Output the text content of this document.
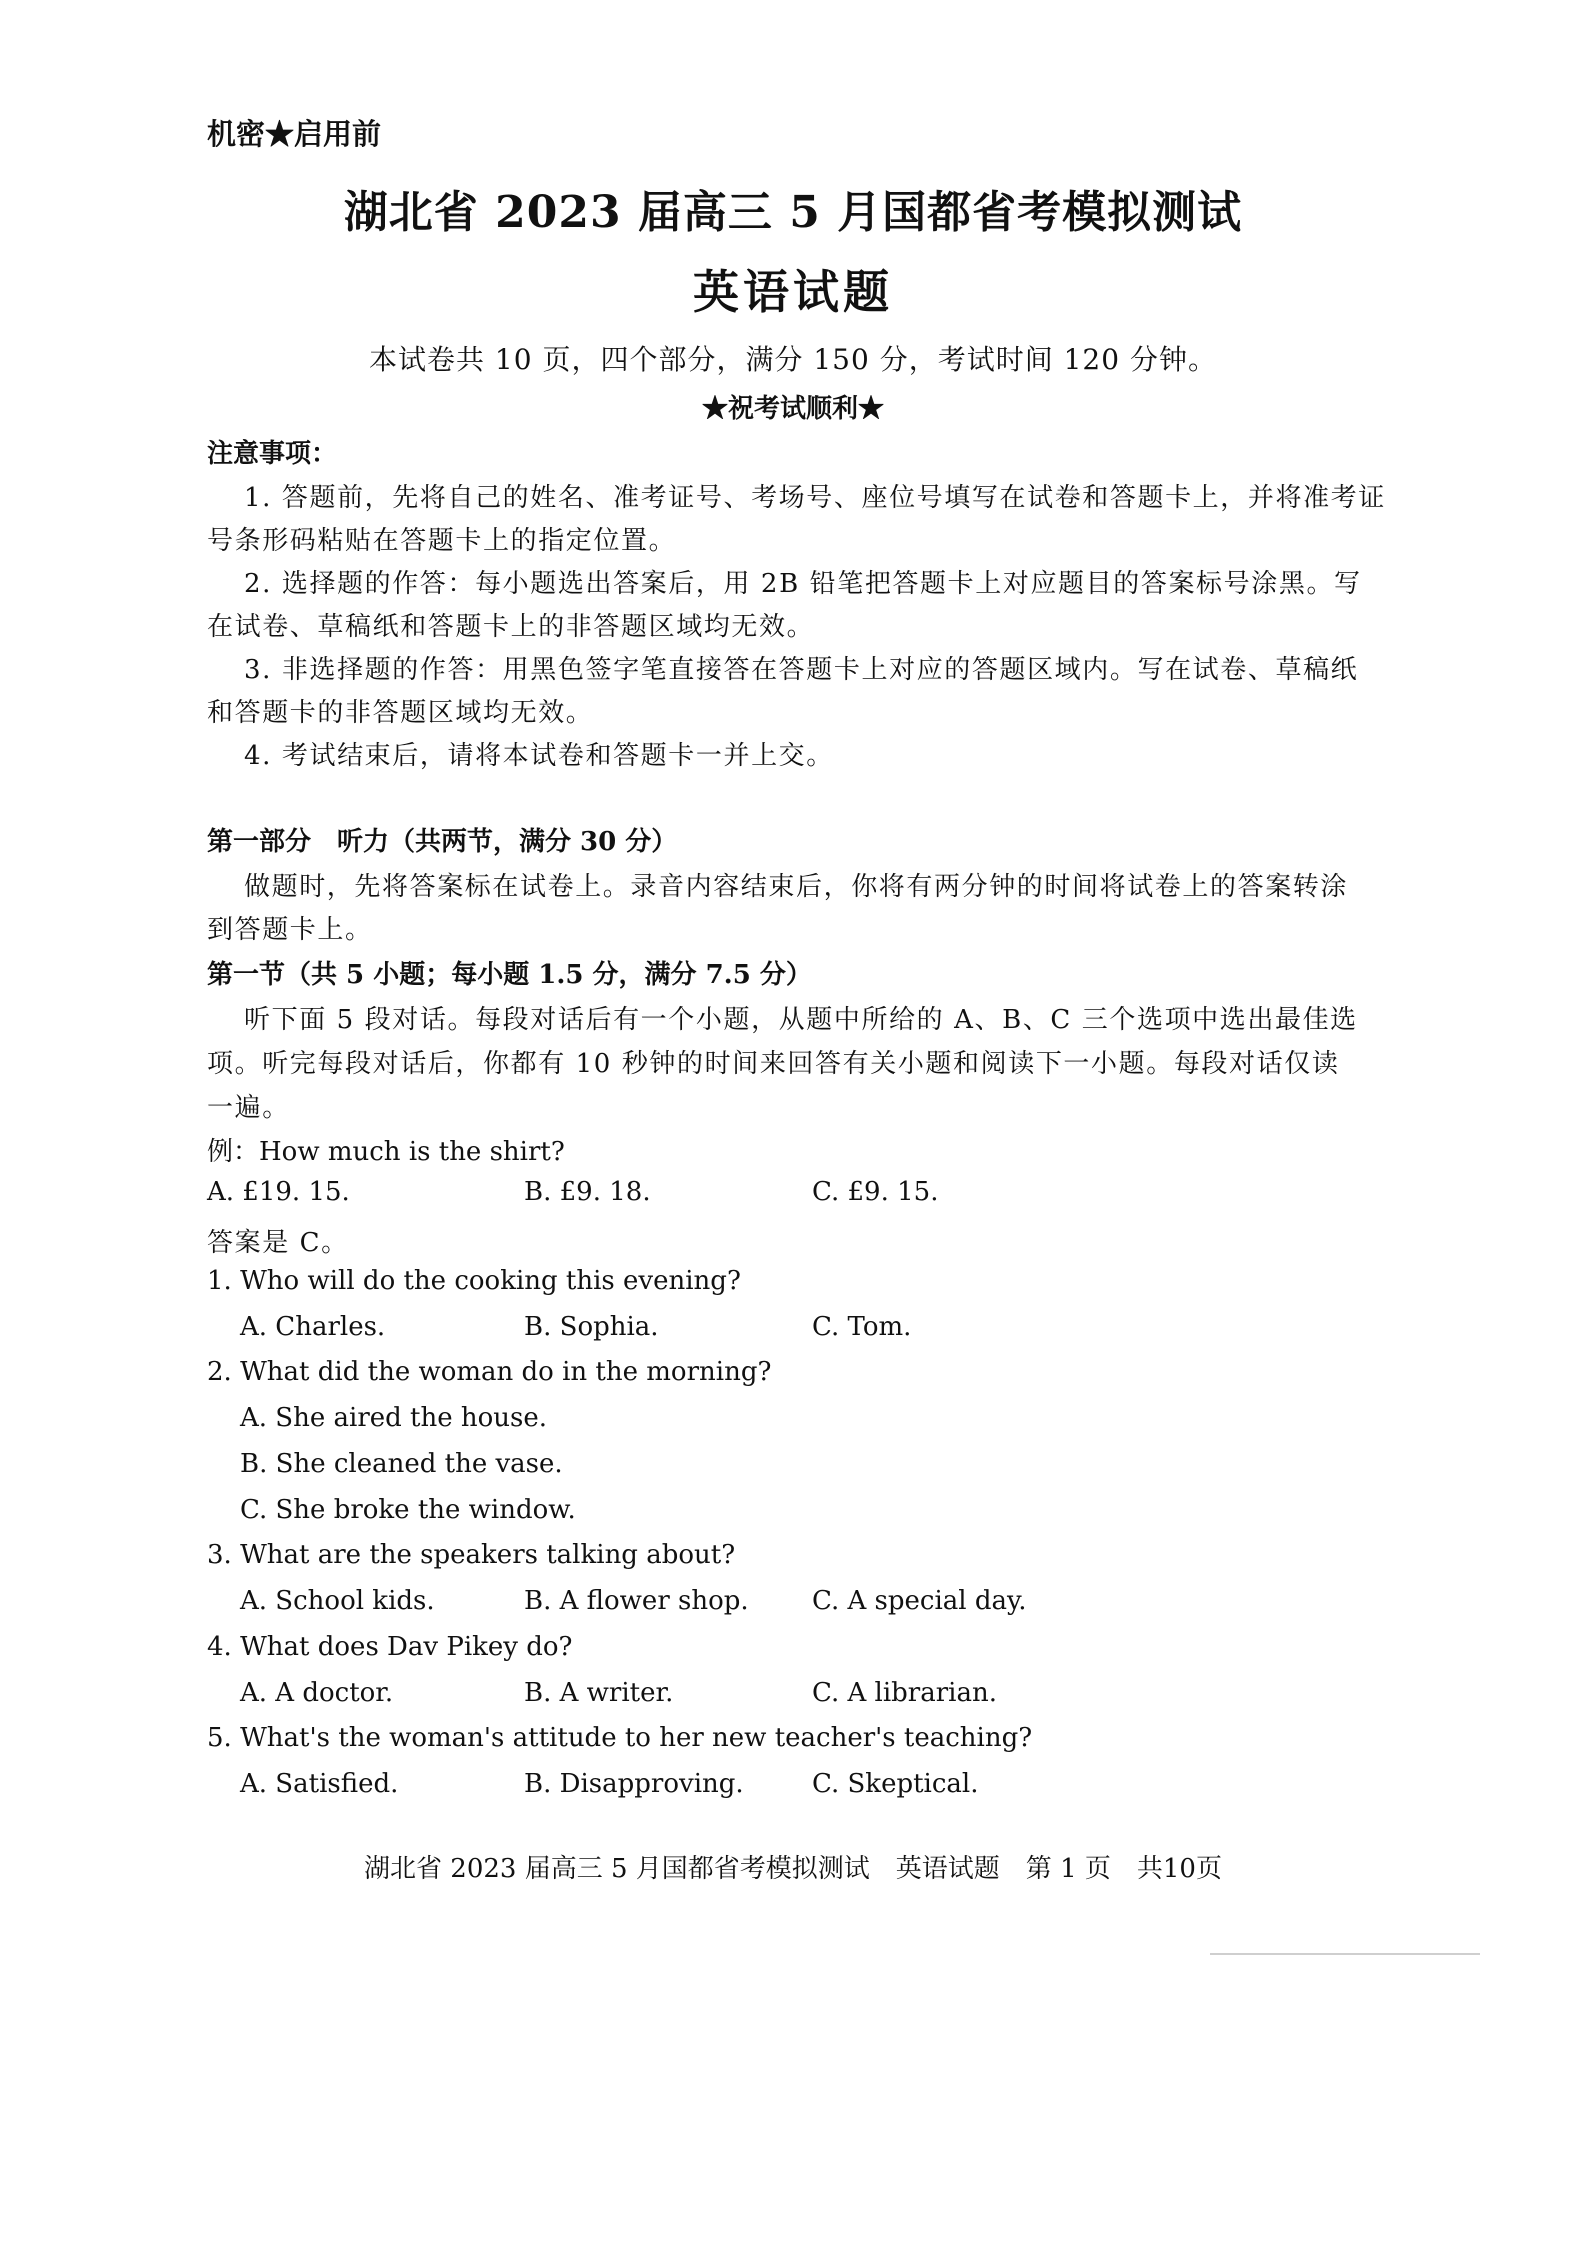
机密★启用前
湖北省 2023 届高三 5 月国都省考模拟测试
英语试题
本试卷共 10 页，四个部分，满分 150 分，考试时间 120 分钟。
★祝考试顺利★
注意事项：
1. 答题前，先将自己的姓名、准考证号、考场号、座位号填写在试卷和答题卡上，并将准考证
号条形码粘贴在答题卡上的指定位置。
2. 选择题的作答：每小题选出答案后，用 2B 铅笔把答题卡上对应题目的答案标号涂黑。写
在试卷、草稿纸和答题卡上的非答题区域均无效。
3. 非选择题的作答：用黑色签字笔直接答在答题卡上对应的答题区域内。写在试卷、草稿纸
和答题卡的非答题区域均无效。
4. 考试结束后，请将本试卷和答题卡一并上交。
第一部分　听力（共两节，满分 30 分）
做题时，先将答案标在试卷上。录音内容结束后，你将有两分钟的时间将试卷上的答案转涂
到答题卡上。
第一节（共 5 小题；每小题 1.5 分，满分 7.5 分）
听下面 5 段对话。每段对话后有一个小题，从题中所给的 A、B、C 三个选项中选出最佳选
项。听完每段对话后，你都有 10 秒钟的时间来回答有关小题和阅读下一小题。每段对话仅读
一遍。
例：How much is the shirt?
A. £19. 15.	B. £9. 18.	C. £9. 15.
答案是 C。
1. Who will do the cooking this evening?
A. Charles.	B. Sophia.	C. Tom.
2. What did the woman do in the morning?
A. She aired the house.
B. She cleaned the vase.
C. She broke the window.
3. What are the speakers talking about?
A. School kids.	B. A flower shop. C. A special day.
4. What does Dav Pikey do?
A. A doctor.	B. A writer.	C. A librarian.
5. What's the woman's attitude to her new teacher's teaching?
A. Satisfied.	B. Disapproving.	C. Skeptical.
湖北省 2023 届高三 5 月国都省考模拟测试　英语试题　第 1 页　共10页
